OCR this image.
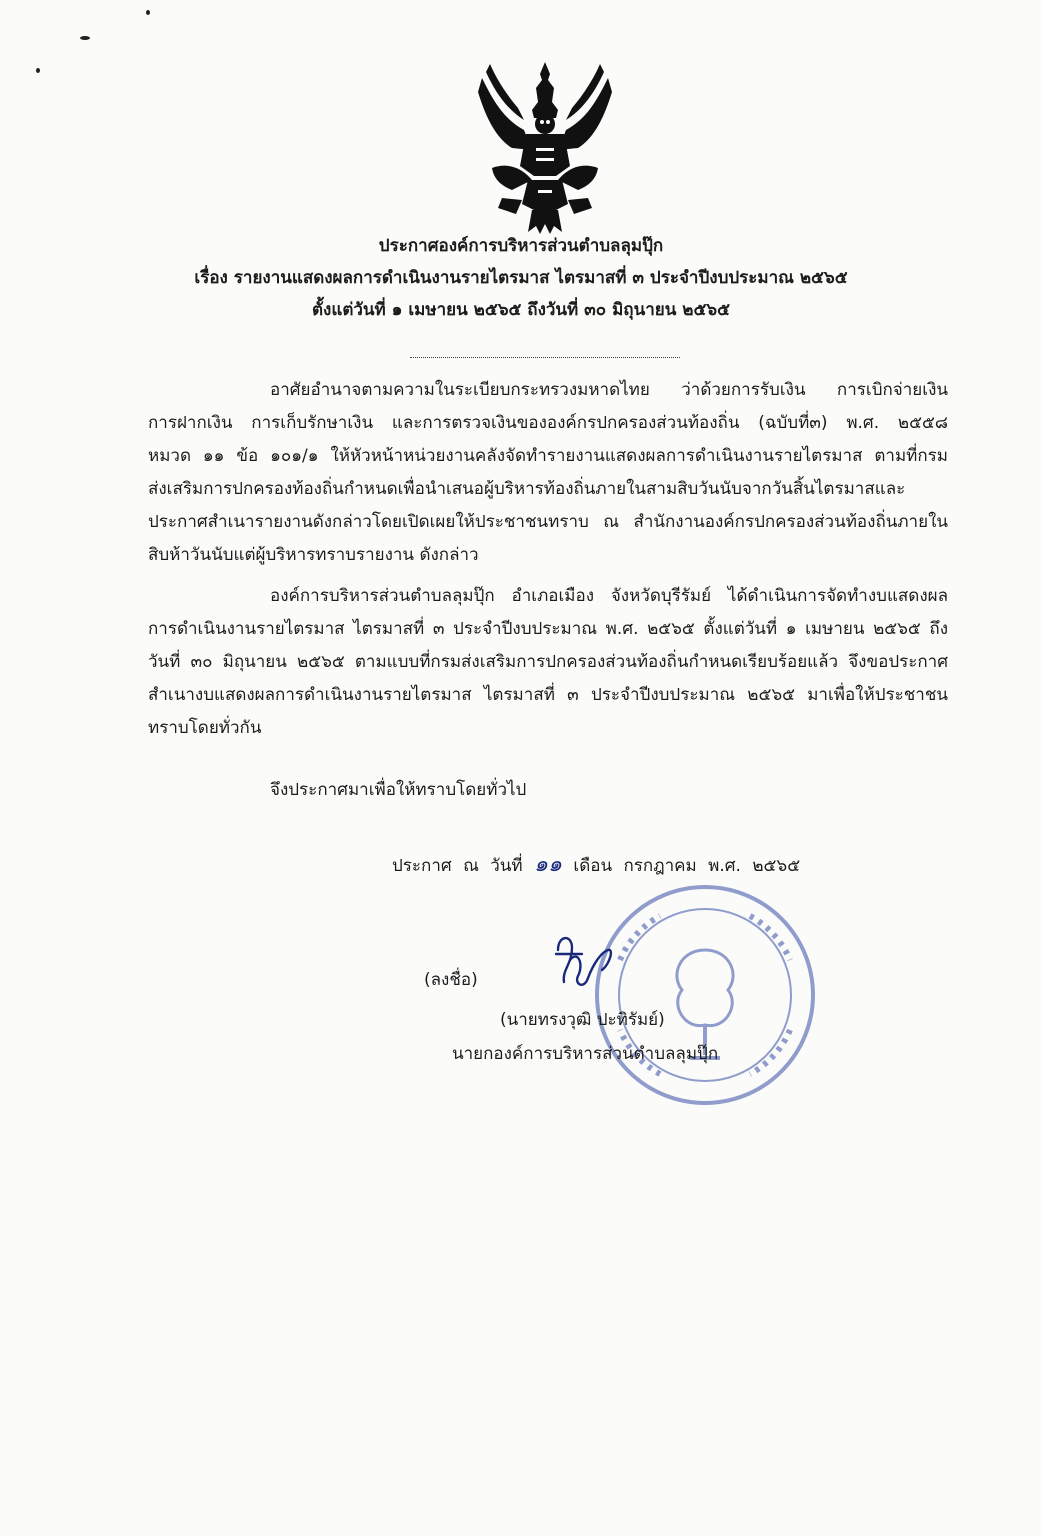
ประกาศองค์การบริหารส่วนตำบลลุมปุ๊ก
เรื่อง รายงานแสดงผลการดำเนินงานรายไตรมาส ไตรมาสที่ ๓ ประจำปีงบประมาณ ๒๕๖๕
ตั้งแต่วันที่ ๑ เมษายน ๒๕๖๕ ถึงวันที่ ๓๐ มิถุนายน ๒๕๖๕
อาศัยอำนาจตามความในระเบียบกระทรวงมหาดไทย ว่าด้วยการรับเงิน การเบิกจ่ายเงิน
การฝากเงิน การเก็บรักษาเงิน และการตรวจเงินขององค์กรปกครองส่วนท้องถิ่น (ฉบับที่๓) พ.ศ. ๒๕๕๘
หมวด ๑๑ ข้อ ๑๐๑/๑ ให้หัวหน้าหน่วยงานคลังจัดทำรายงานแสดงผลการดำเนินงานรายไตรมาส ตามที่กรม
ส่งเสริมการปกครองท้องถิ่นกำหนดเพื่อนำเสนอผู้บริหารท้องถิ่นภายในสามสิบวันนับจากวันสิ้นไตรมาสและ
ประกาศสำเนารายงานดังกล่าวโดยเปิดเผยให้ประชาชนทราบ ณ สำนักงานองค์กรปกครองส่วนท้องถิ่นภายใน
สิบห้าวันนับแต่ผู้บริหารทราบรายงาน ดังกล่าว
องค์การบริหารส่วนตำบลลุมปุ๊ก อำเภอเมือง จังหวัดบุรีรัมย์ ได้ดำเนินการจัดทำงบแสดงผล
การดำเนินงานรายไตรมาส ไตรมาสที่ ๓ ประจำปีงบประมาณ พ.ศ. ๒๕๖๕ ตั้งแต่วันที่ ๑ เมษายน ๒๕๖๕ ถึง
วันที่ ๓๐ มิถุนายน ๒๕๖๕ ตามแบบที่กรมส่งเสริมการปกครองส่วนท้องถิ่นกำหนดเรียบร้อยแล้ว จึงขอประกาศ
สำเนางบแสดงผลการดำเนินงานรายไตรมาส ไตรมาสที่ ๓ ประจำปีงบประมาณ ๒๕๖๕ มาเพื่อให้ประชาชน
ทราบโดยทั่วกัน
จึงประกาศมาเพื่อให้ทราบโดยทั่วไป
ประกาศ ณ วันที่ ๑๑ เดือน กรกฎาคม พ.ศ. ๒๕๖๕
(ลงชื่อ)
(นายทรงวุฒิ ปะทิรัมย์)
นายกองค์การบริหารส่วนตำบลลุมปุ๊ก
